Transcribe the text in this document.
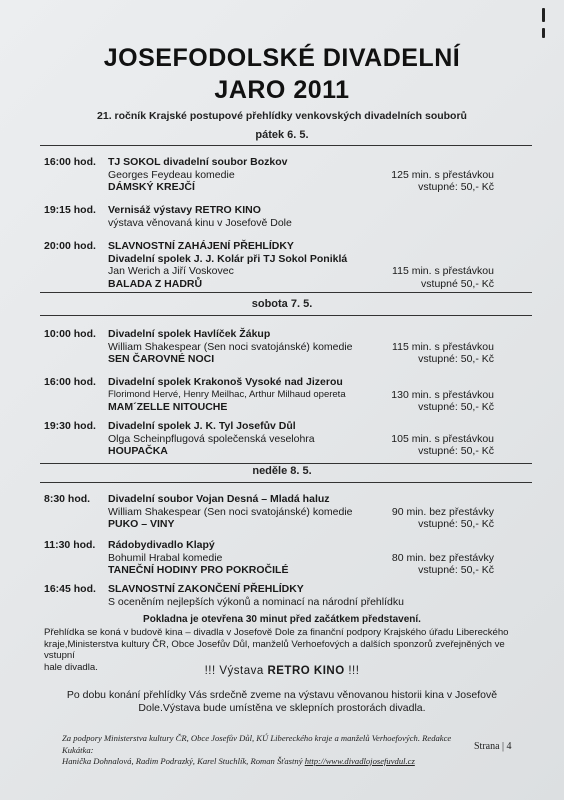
JOSEFODOLSKÉ DIVADELNÍ
JARO 2011
21. ročník Krajské postupové přehlídky venkovských divadelních souborů
pátek 6. 5.
16:00 hod. TJ SOKOL divadelní soubor Bozkov
Georges Feydeau komedie
DÁMSKÝ KREJČÍ
125 min. s přestávkou
vstupné: 50,- Kč
19:15 hod. Vernisáž výstavy RETRO KINO
výstava věnovaná kinu v Josefově Dole
20:00 hod. SLAVNOSTNÍ ZAHÁJENÍ PŘEHLÍDKY
Divadelní spolek J. J. Kolár při TJ Sokol Poniklá
Jan Werich a Jiří Voskovec
BALADA Z HADRŮ
115 min. s přestávkou
vstupné 50,- Kč
sobota 7. 5.
10:00 hod. Divadelní spolek Havlíček Žákup
William Shakespear (Sen noci svatojánské) komedie
SEN ČAROVNÉ NOCI
115 min. s přestávkou
vstupné: 50,- Kč
16:00 hod. Divadelní spolek Krakonoš Vysoké nad Jizerou
Florimond Hervé, Henry Meilhac, Arthur Milhaud opereta
MAM´ZELLE NITOUCHE
130 min. s přestávkou
vstupné: 50,- Kč
19:30 hod. Divadelní spolek J. K. Tyl Josefův Důl
Olga Scheinpflugová společenská veselohra
HOUPAČKA
105 min. s přestávkou
vstupné: 50,- Kč
neděle 8. 5.
8:30 hod. Divadelní soubor Vojan Desná – Mladá haluz
William Shakespear (Sen noci svatojánské) komedie
PUKO – VINY
90 min. bez přestávky
vstupné: 50,- Kč
11:30 hod. Rádobydivadlo Klapý
Bohumil Hrabal komedie
TANEČNÍ HODINY PRO POKROČILÉ
80 min. bez přestávky
vstupné: 50,- Kč
16:45 hod. SLAVNOSTNÍ ZAKONČENÍ PŘEHLÍDKY
S oceněním nejlepších výkonů a nominací na národní přehlídku
Pokladna je otevřena 30 minut před začátkem představení.
Přehlídka se koná v budově kina – divadla v Josefově Dole za finanční podpory Krajského úřadu Libereckého
kraje,Ministerstva kultury ČR, Obce Josefův Důl, manželů Verhoefových a dalších sponzorů zveřejněných ve vstupní
hale divadla.	!!! Výstava RETRO KINO !!!
Po dobu konání přehlídky Vás srdečně zveme na výstavu věnovanou historii kina v Josefově
Dole.Výstava bude umístěna ve sklepních prostorách divadla.
Za podpory Ministerstva kultury ČR, Obce Josefův Důl, KÚ Libereckého kraje a manželů Verhoefových. Redakce Kukátka:
Hanička Dohnalová, Radim Podrazký, Karel Stuchlík, Roman Šťastný http://www.divadlojosefuvdul.cz
Strana | 4
